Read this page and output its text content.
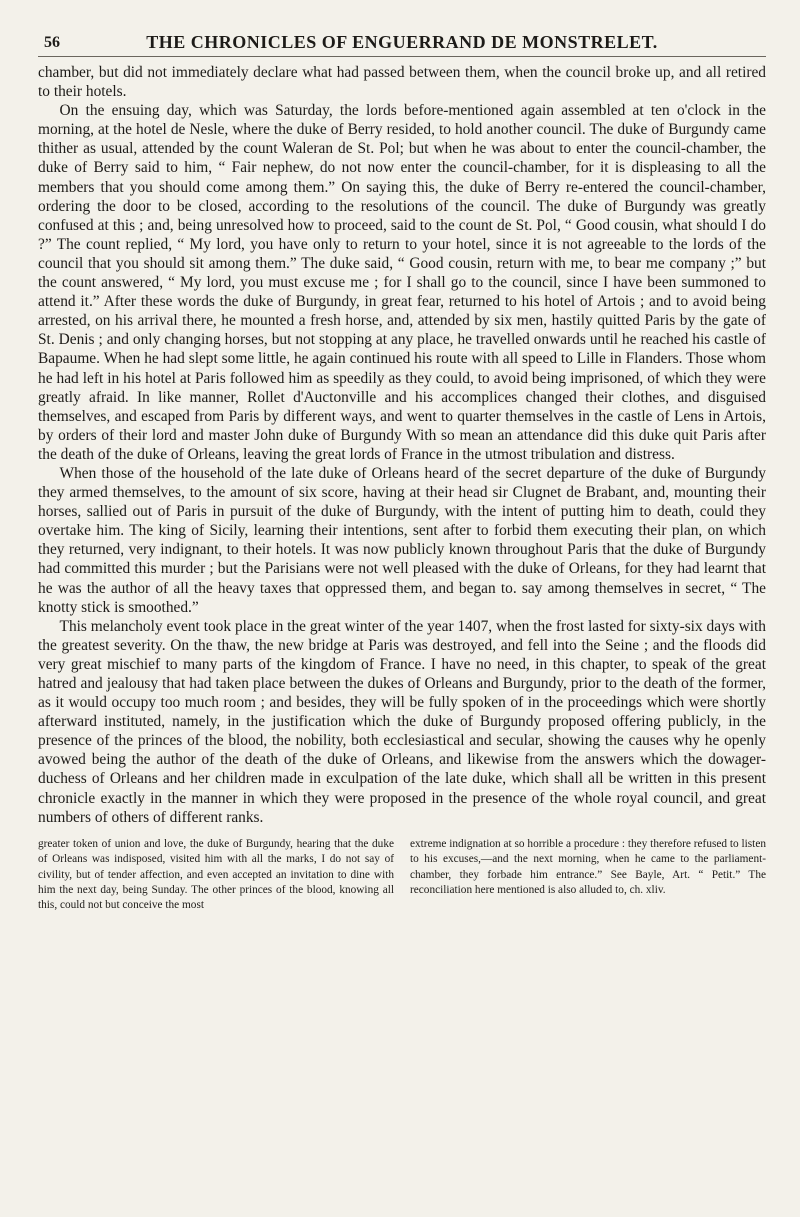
56	THE CHRONICLES OF ENGUERRAND DE MONSTRELET.

chamber, but did not immediately declare what had passed between them, when the council broke up, and all retired to their hotels.

On the ensuing day, which was Saturday, the lords before-mentioned again assembled at ten o'clock in the morning, at the hotel de Nesle, where the duke of Berry resided, to hold another council. The duke of Burgundy came thither as usual, attended by the count Waleran de St. Pol; but when he was about to enter the council-chamber, the duke of Berry said to him, “ Fair nephew, do not now enter the council-chamber, for it is displeasing to all the members that you should come among them.” On saying this, the duke of Berry re-entered the council-chamber, ordering the door to be closed, according to the resolutions of the council. The duke of Burgundy was greatly confused at this ; and, being unresolved how to proceed, said to the count de St. Pol, “ Good cousin, what should I do ?” The count replied, “ My lord, you have only to return to your hotel, since it is not agreeable to the lords of the council that you should sit among them.” The duke said, “ Good cousin, return with me, to bear me company ;” but the count answered, “ My lord, you must excuse me ; for I shall go to the council, since I have been summoned to attend it.” After these words the duke of Burgundy, in great fear, returned to his hotel of Artois ; and to avoid being arrested, on his arrival there, he mounted a fresh horse, and, attended by six men, hastily quitted Paris by the gate of St. Denis ; and only changing horses, but not stopping at any place, he travelled onwards until he reached his castle of Bapaume. When he had slept some little, he again continued his route with all speed to Lille in Flanders. Those whom he had left in his hotel at Paris followed him as speedily as they could, to avoid being imprisoned, of which they were greatly afraid. In like manner, Rollet d'Auctonville and his accomplices changed their clothes, and disguised themselves, and escaped from Paris by different ways, and went to quarter themselves in the castle of Lens in Artois, by orders of their lord and master John duke of Burgundy With so mean an attendance did this duke quit Paris after the death of the duke of Orleans, leaving the great lords of France in the utmost tribulation and distress.

When those of the household of the late duke of Orleans heard of the secret departure of the duke of Burgundy they armed themselves, to the amount of six score, having at their head sir Clugnet de Brabant, and, mounting their horses, sallied out of Paris in pursuit of the duke of Burgundy, with the intent of putting him to death, could they overtake him. The king of Sicily, learning their intentions, sent after to forbid them executing their plan, on which they returned, very indignant, to their hotels. It was now publicly known throughout Paris that the duke of Burgundy had committed this murder ; but the Parisians were not well pleased with the duke of Orleans, for they had learnt that he was the author of all the heavy taxes that oppressed them, and began to. say among themselves in secret, “ The knotty stick is smoothed.”

This melancholy event took place in the great winter of the year 1407, when the frost lasted for sixty-six days with the greatest severity. On the thaw, the new bridge at Paris was destroyed, and fell into the Seine ; and the floods did very great mischief to many parts of the kingdom of France. I have no need, in this chapter, to speak of the great hatred and jealousy that had taken place between the dukes of Orleans and Burgundy, prior to the death of the former, as it would occupy too much room ; and besides, they will be fully spoken of in the proceedings which were shortly afterward instituted, namely, in the justification which the duke of Burgundy proposed offering publicly, in the presence of the princes of the blood, the nobility, both ecclesiastical and secular, showing the causes why he openly avowed being the author of the death of the duke of Orleans, and likewise from the answers which the dowager-duchess of Orleans and her children made in exculpation of the late duke, which shall all be written in this present chronicle exactly in the manner in which they were proposed in the presence of the whole royal council, and great numbers of others of different ranks.

greater token of union and love, the duke of Burgundy, hearing that the duke of Orleans was indisposed, visited him with all the marks, I do not say of civility, but of tender affection, and even accepted an invitation to dine with him the next day, being Sunday. The other princes of the blood, knowing all this, could not but conceive the most
extreme indignation at so horrible a procedure : they therefore refused to listen to his excuses,—and the next morning, when he came to the parliament-chamber, they forbade him entrance.” See Bayle, Art. “ Petit.” The reconciliation here mentioned is also alluded to, ch. xliv.
